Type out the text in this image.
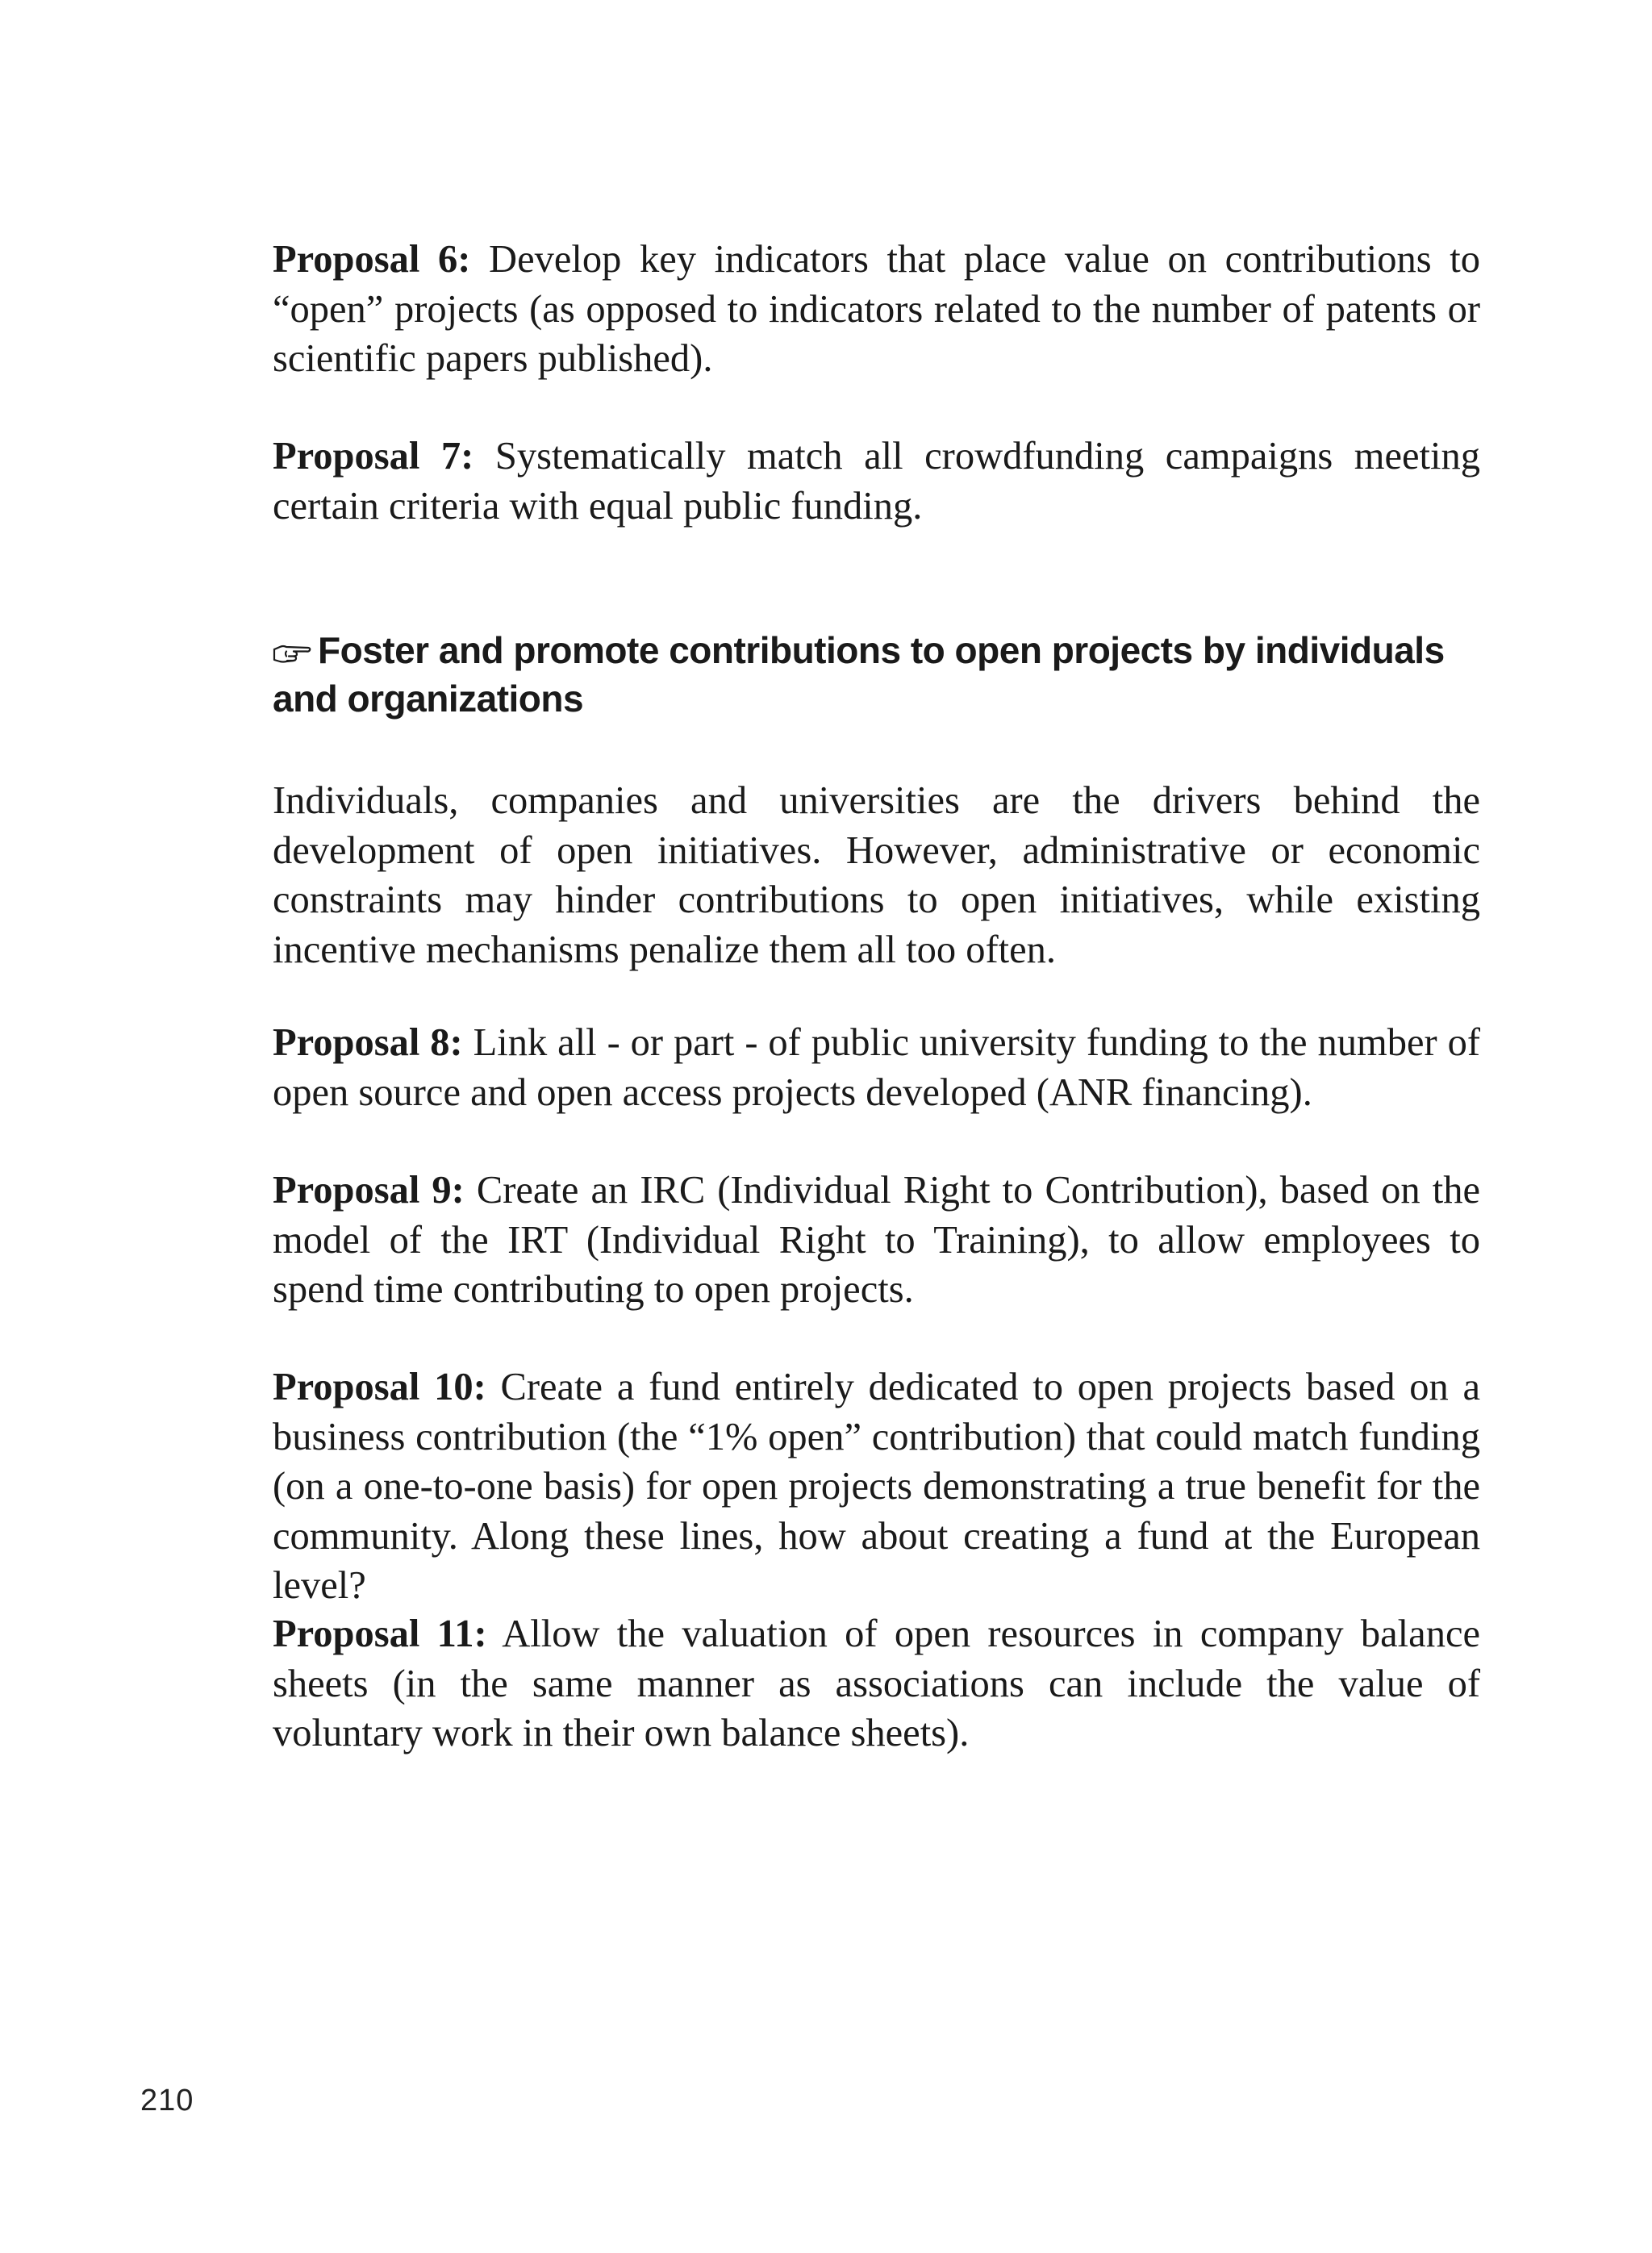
Proposal 6: Develop key indicators that place value on contributions to “open” projects (as opposed to indicators related to the number of patents or scientific papers published).

Proposal 7: Systematically match all crowdfunding campaigns meeting certain criteria with equal public funding.

Foster and promote contributions to open projects by individuals and organizations

Individuals, companies and universities are the drivers behind the development of open initiatives. However, administrative or economic constraints may hinder contributions to open initiatives, while existing incentive mechanisms penalize them all too often.

Proposal 8: Link all - or part - of public university funding to the number of open source and open access projects developed (ANR financing).

Proposal 9: Create an IRC (Individual Right to Contribution), based on the model of the IRT (Individual Right to Training), to allow employees to spend time contributing to open projects.

Proposal 10: Create a fund entirely dedicated to open projects based on a business contribution (the “1% open” contribution) that could match funding (on a one-to-one basis) for open projects demonstrating a true benefit for the community. Along these lines, how about creating a fund at the European level?

Proposal 11: Allow the valuation of open resources in company balance sheets (in the same manner as associations can include the value of voluntary work in their own balance sheets).

210
